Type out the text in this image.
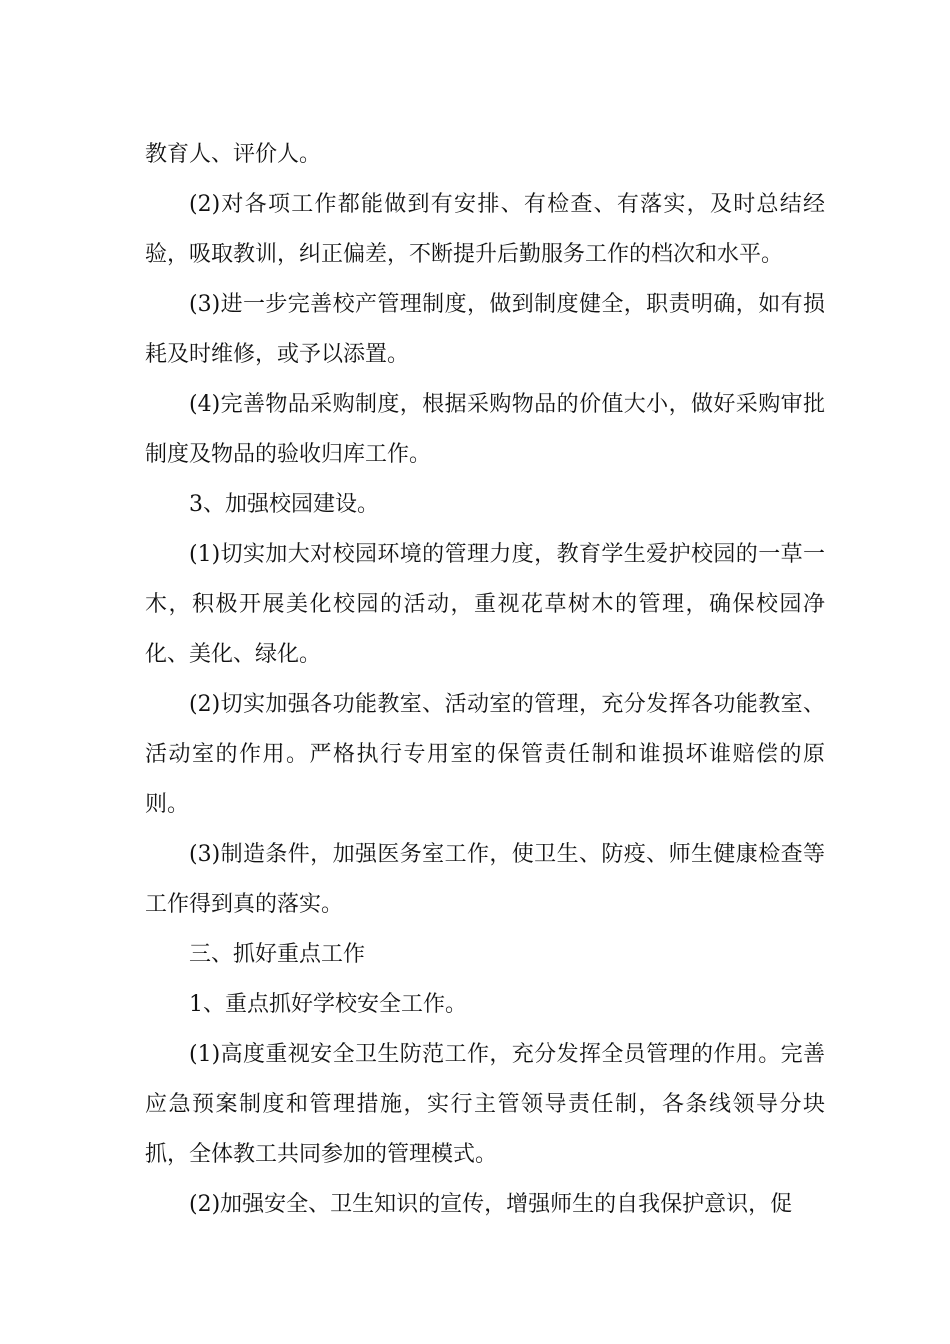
教育人、评价人。

(2)对各项工作都能做到有安排、有检查、有落实，及时总结经验，吸取教训，纠正偏差，不断提升后勤服务工作的档次和水平。

(3)进一步完善校产管理制度，做到制度健全，职责明确，如有损耗及时维修，或予以添置。

(4)完善物品采购制度，根据采购物品的价值大小，做好采购审批制度及物品的验收归库工作。

3、加强校园建设。

(1)切实加大对校园环境的管理力度，教育学生爱护校园的一草一木，积极开展美化校园的活动，重视花草树木的管理，确保校园净化、美化、绿化。

(2)切实加强各功能教室、活动室的管理，充分发挥各功能教室、活动室的作用。严格执行专用室的保管责任制和谁损坏谁赔偿的原则。

(3)制造条件，加强医务室工作，使卫生、防疫、师生健康检查等工作得到真的落实。

三、抓好重点工作

1、重点抓好学校安全工作。

(1)高度重视安全卫生防范工作，充分发挥全员管理的作用。完善应急预案制度和管理措施，实行主管领导责任制，各条线领导分块抓，全体教工共同参加的管理模式。

(2)加强安全、卫生知识的宣传，增强师生的自我保护意识，促
